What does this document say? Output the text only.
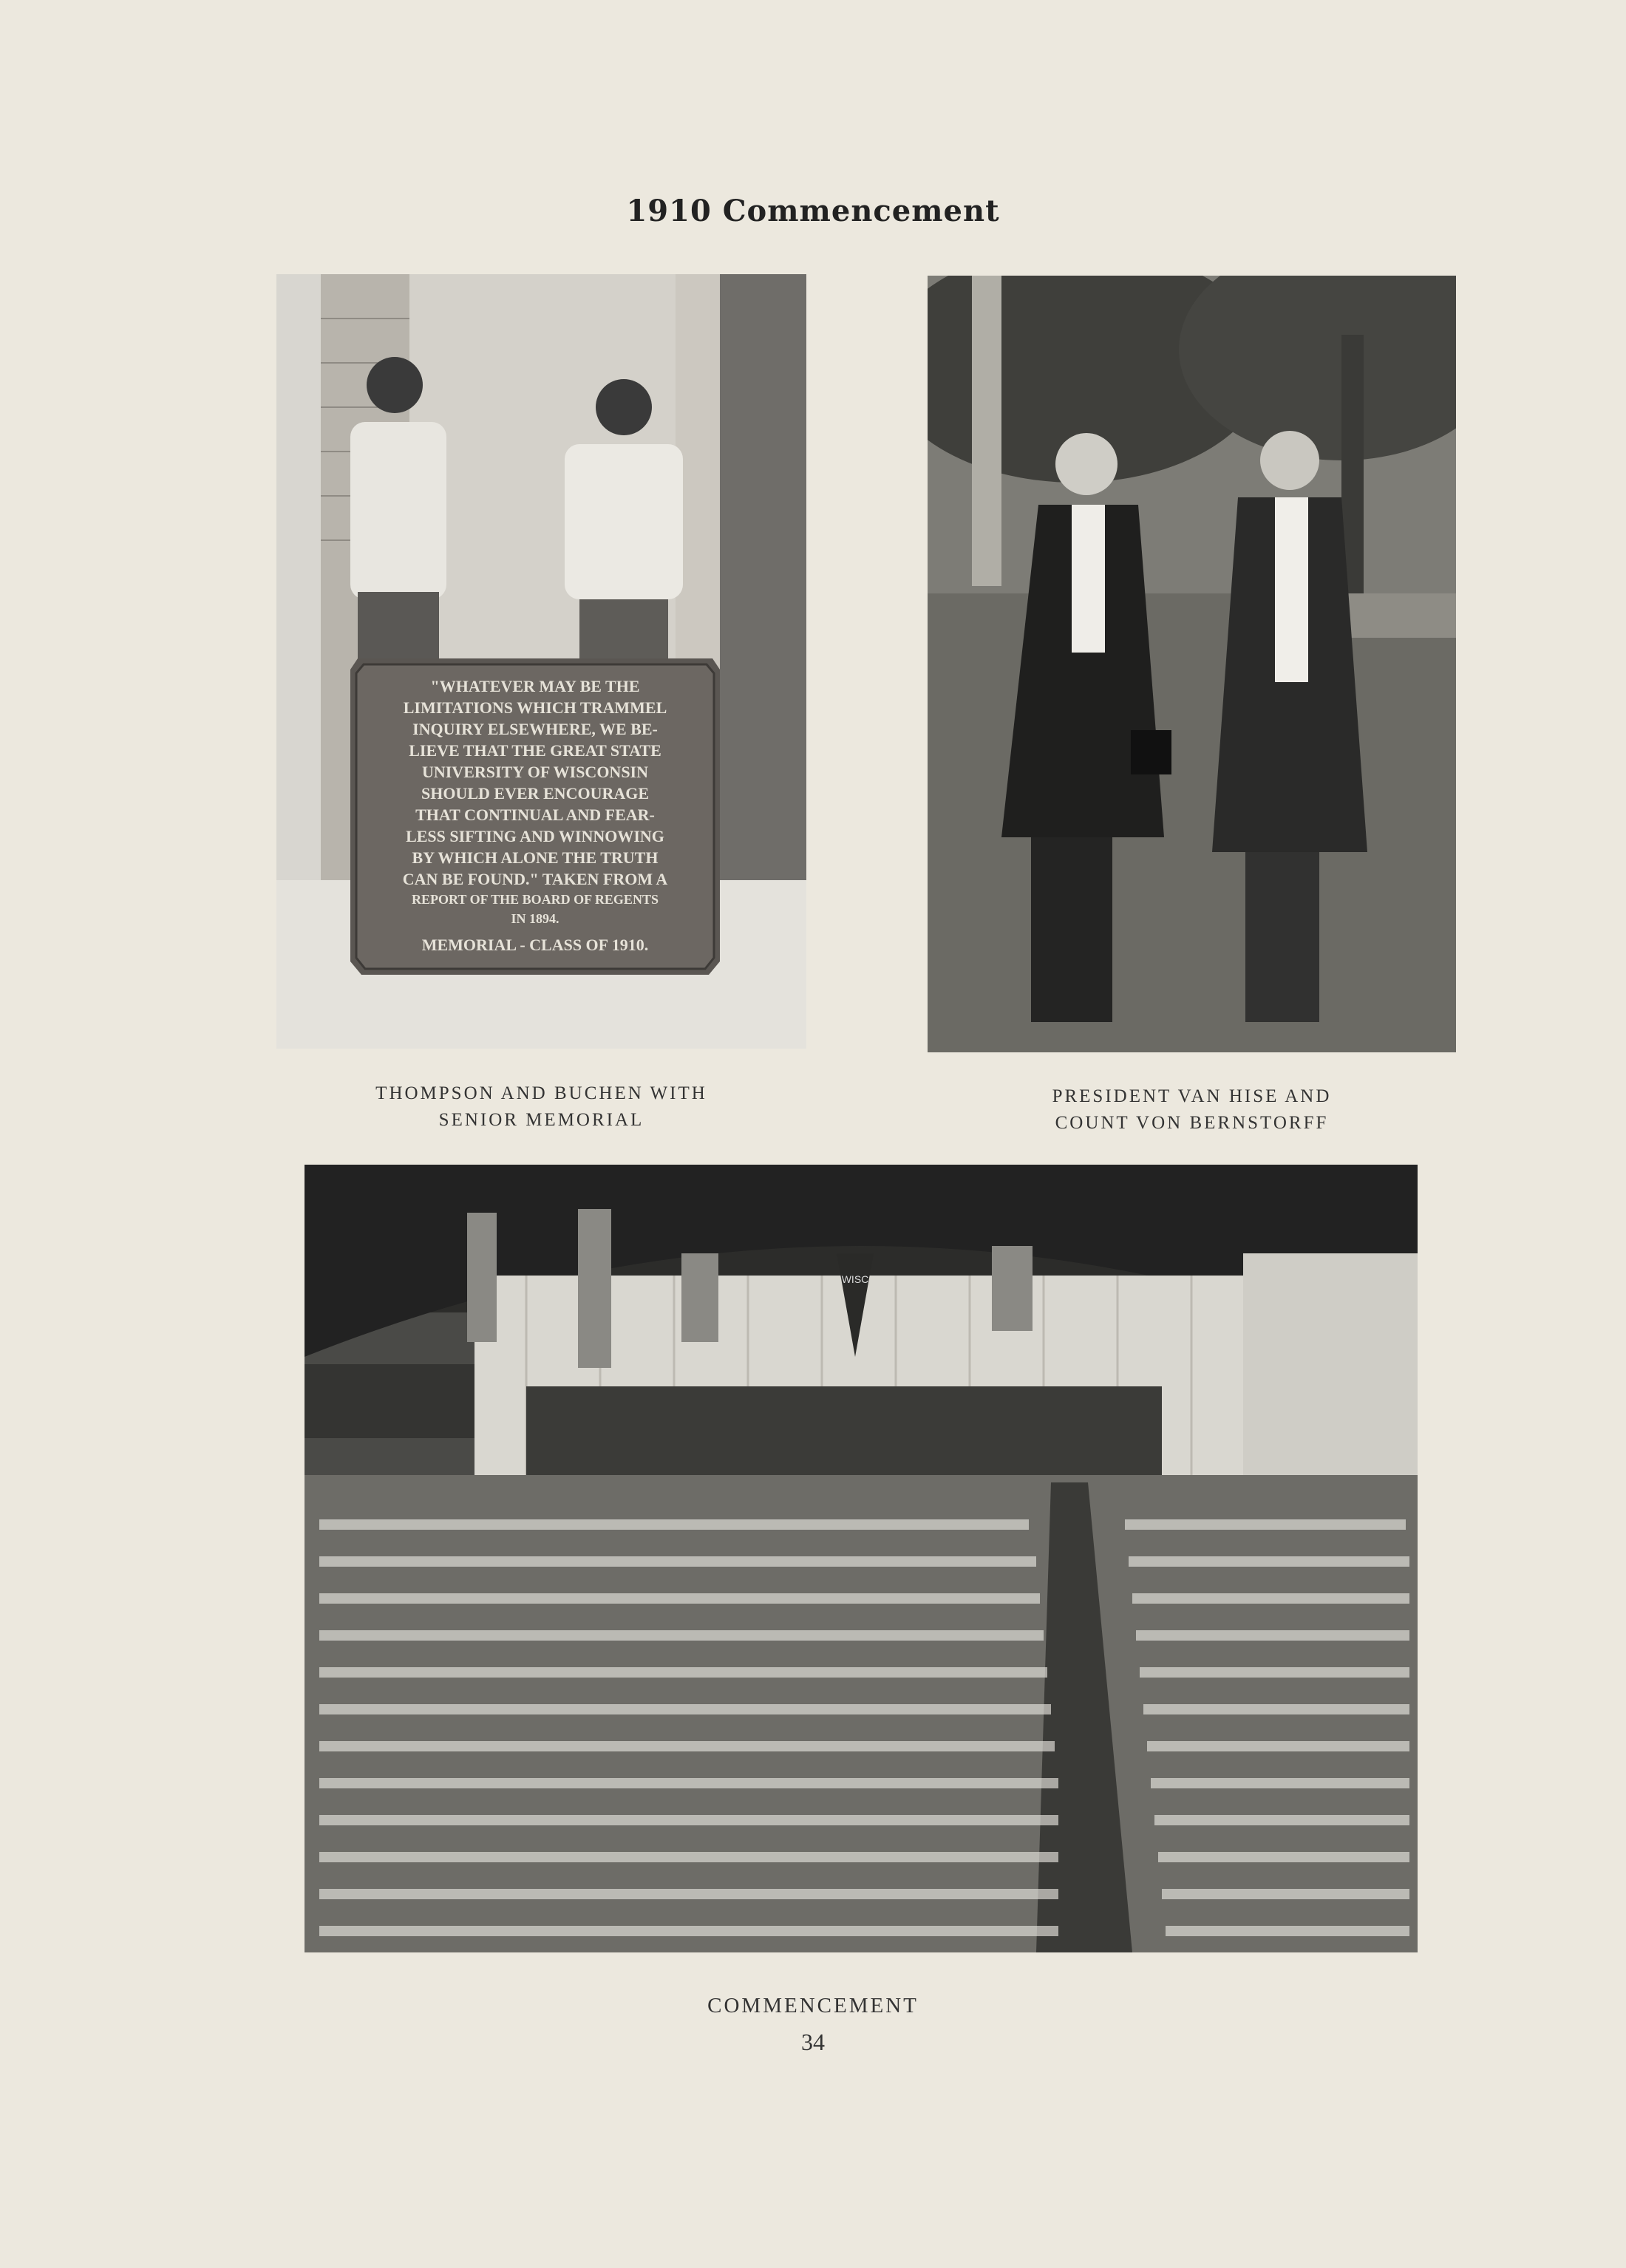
1910 Commencement
"WHATEVER MAY BE THE
LIMITATIONS WHICH TRAMMEL
INQUIRY ELSEWHERE, WE BE-
LIEVE THAT THE GREAT STATE
UNIVERSITY OF WISCONSIN
SHOULD EVER ENCOURAGE
THAT CONTINUAL AND FEAR-
LESS SIFTING AND WINNOWING
BY WHICH ALONE THE TRUTH
CAN BE FOUND." TAKEN FROM A
REPORT OF THE BOARD OF REGENTS
IN 1894.
MEMORIAL - CLASS OF 1910.
THOMPSON AND BUCHEN WITH
SENIOR MEMORIAL
PRESIDENT VAN HISE AND
COUNT VON BERNSTORFF
WISC
COMMENCEMENT
34
